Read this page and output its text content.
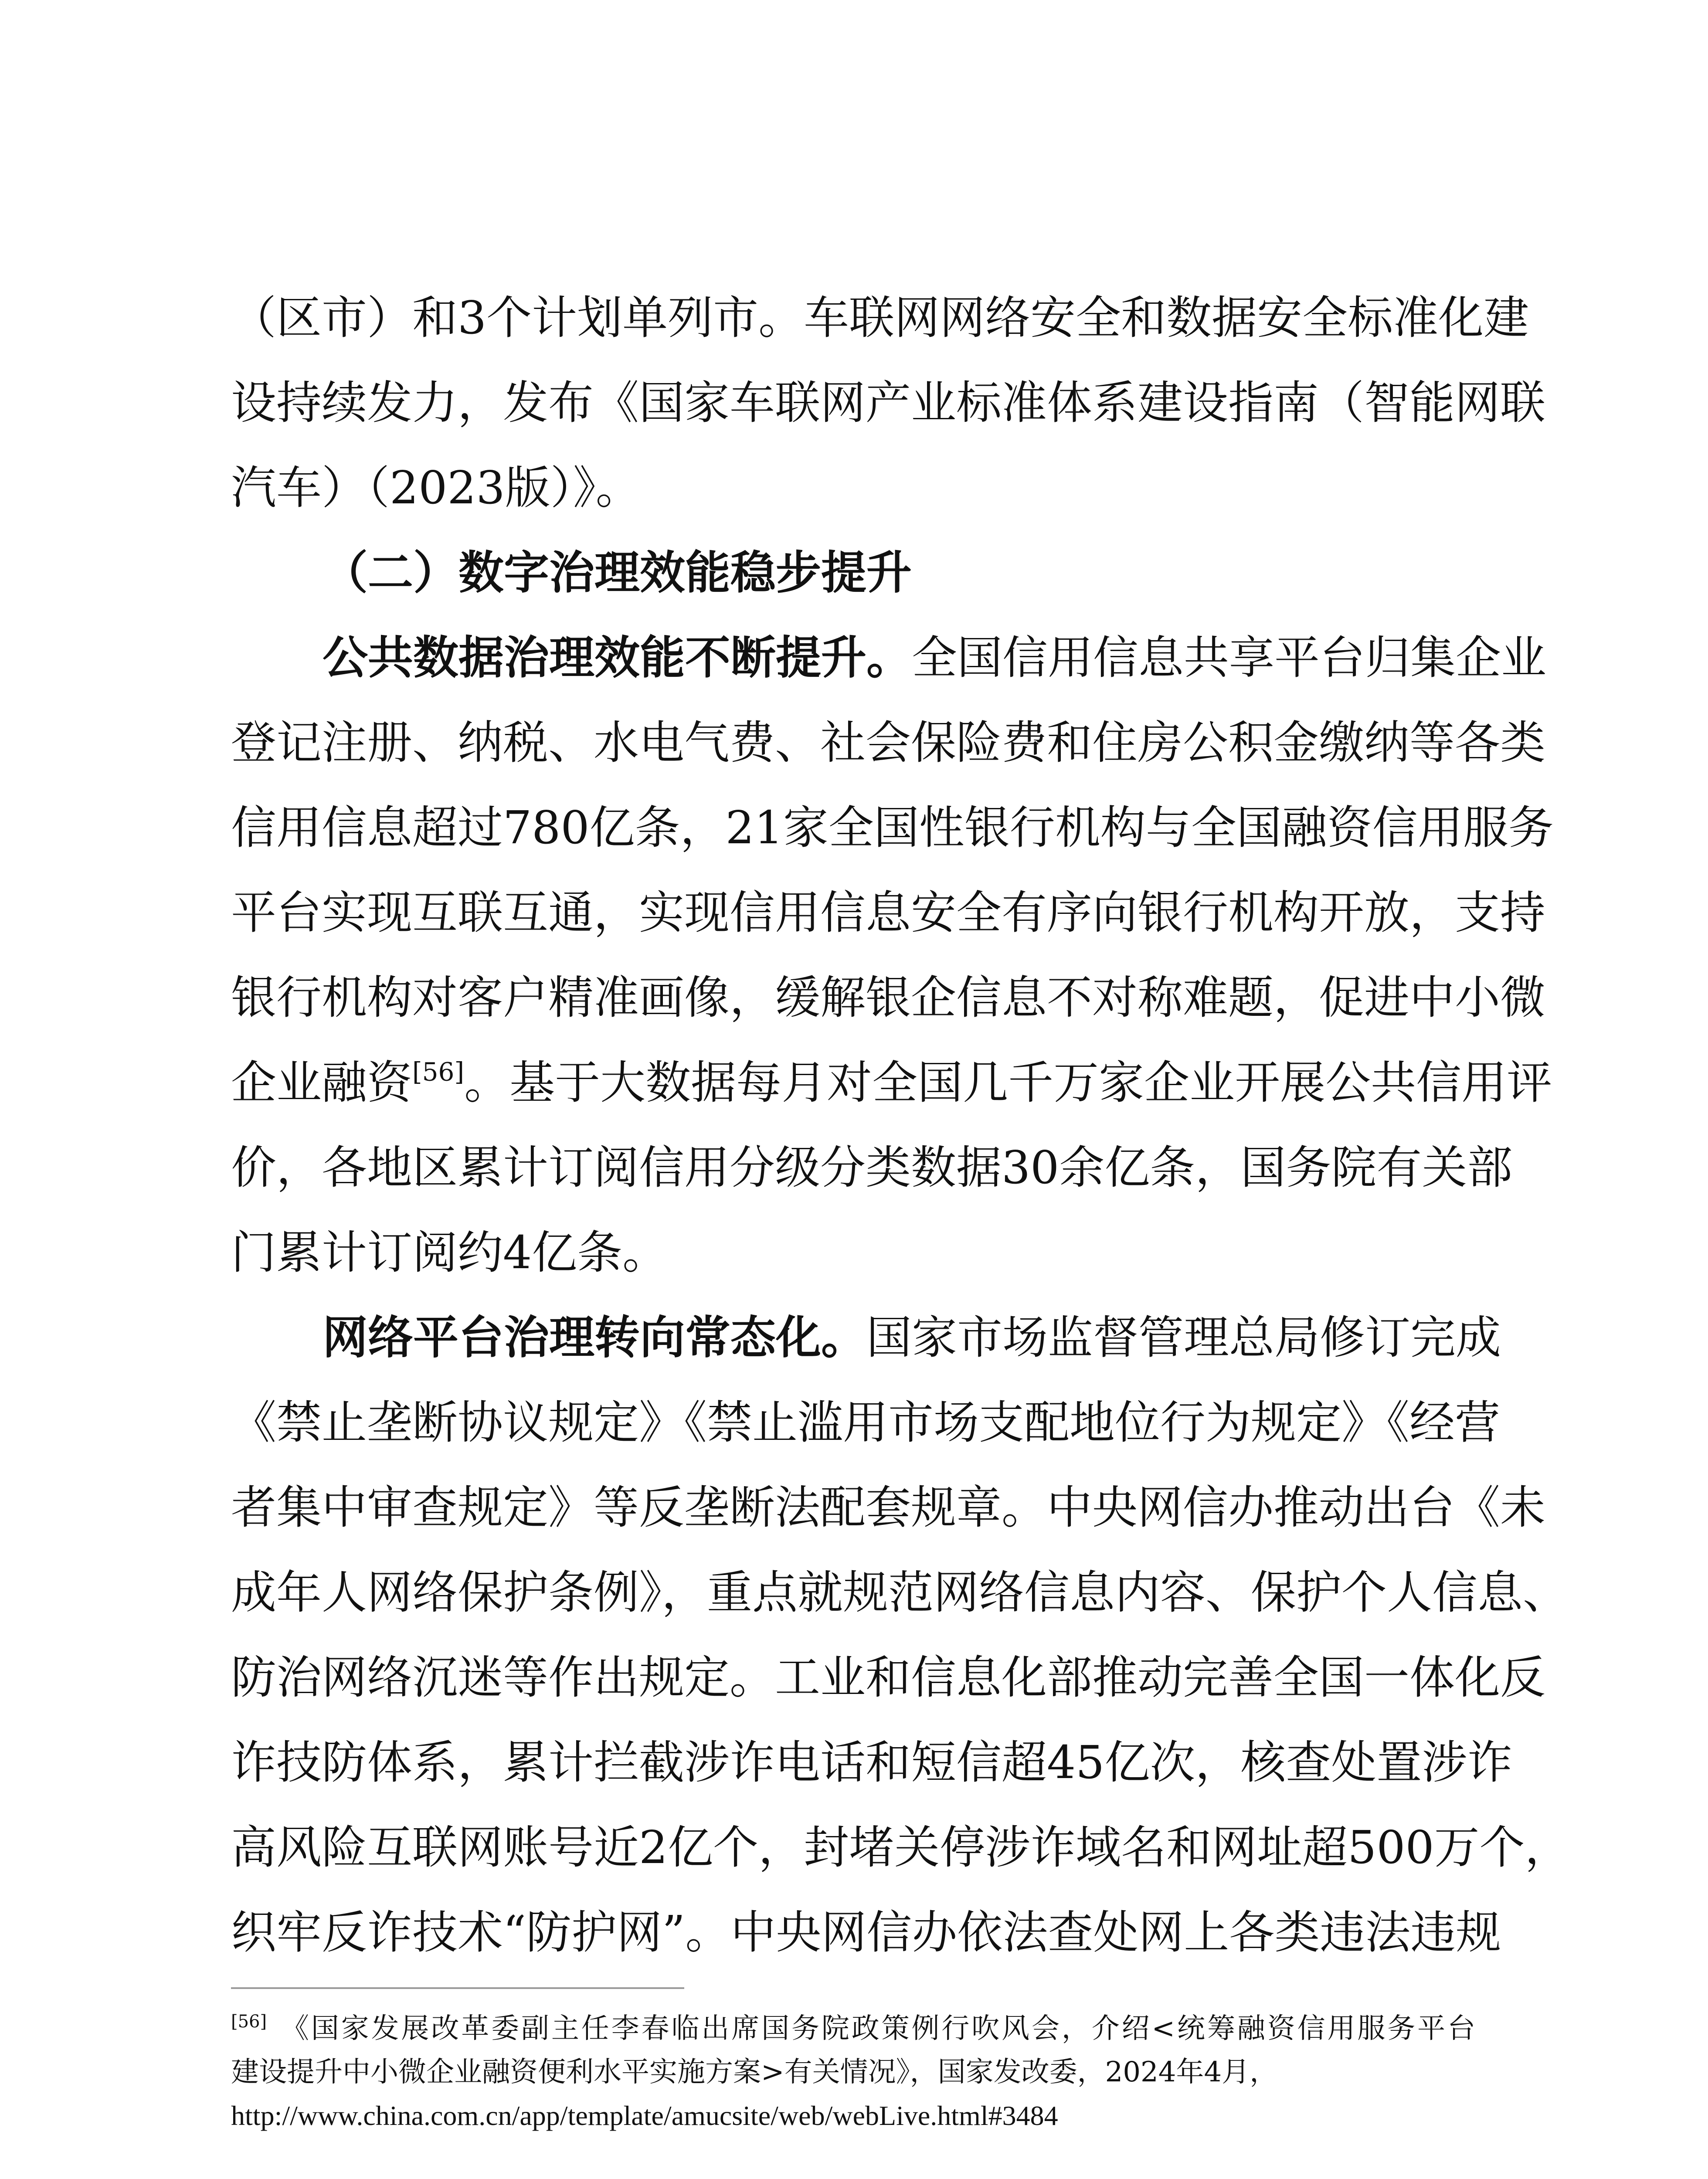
（区市）和3个计划单列市。车联网网络安全和数据安全标准化建
设持续发力，发布《国家车联网产业标准体系建设指南（智能网联
汽车）（2023版）》。
（二）数字治理效能稳步提升
公共数据治理效能不断提升。全国信用信息共享平台归集企业
登记注册、纳税、水电气费、社会保险费和住房公积金缴纳等各类
信用信息超过780亿条，21家全国性银行机构与全国融资信用服务
平台实现互联互通，实现信用信息安全有序向银行机构开放，支持
银行机构对客户精准画像，缓解银企信息不对称难题，促进中小微
企业融资[56]。基于大数据每月对全国几千万家企业开展公共信用评
价，各地区累计订阅信用分级分类数据30余亿条，国务院有关部
门累计订阅约4亿条。
网络平台治理转向常态化。国家市场监督管理总局修订完成
《禁止垄断协议规定》《禁止滥用市场支配地位行为规定》《经营
者集中审查规定》等反垄断法配套规章。中央网信办推动出台《未
成年人网络保护条例》，重点就规范网络信息内容、保护个人信息、
防治网络沉迷等作出规定。工业和信息化部推动完善全国一体化反
诈技防体系，累计拦截涉诈电话和短信超45亿次，核查处置涉诈
高风险互联网账号近2亿个，封堵关停涉诈域名和网址超500万个，
织牢反诈技术“防护网”。中央网信办依法查处网上各类违法违规
[56] 《国家发展改革委副主任李春临出席国务院政策例行吹风会，介绍<统筹融资信用服务平台
建设提升中小微企业融资便利水平实施方案>有关情况》，国家发改委，2024年4月，
http://www.china.com.cn/app/template/amucsite/web/webLive.html#3484
